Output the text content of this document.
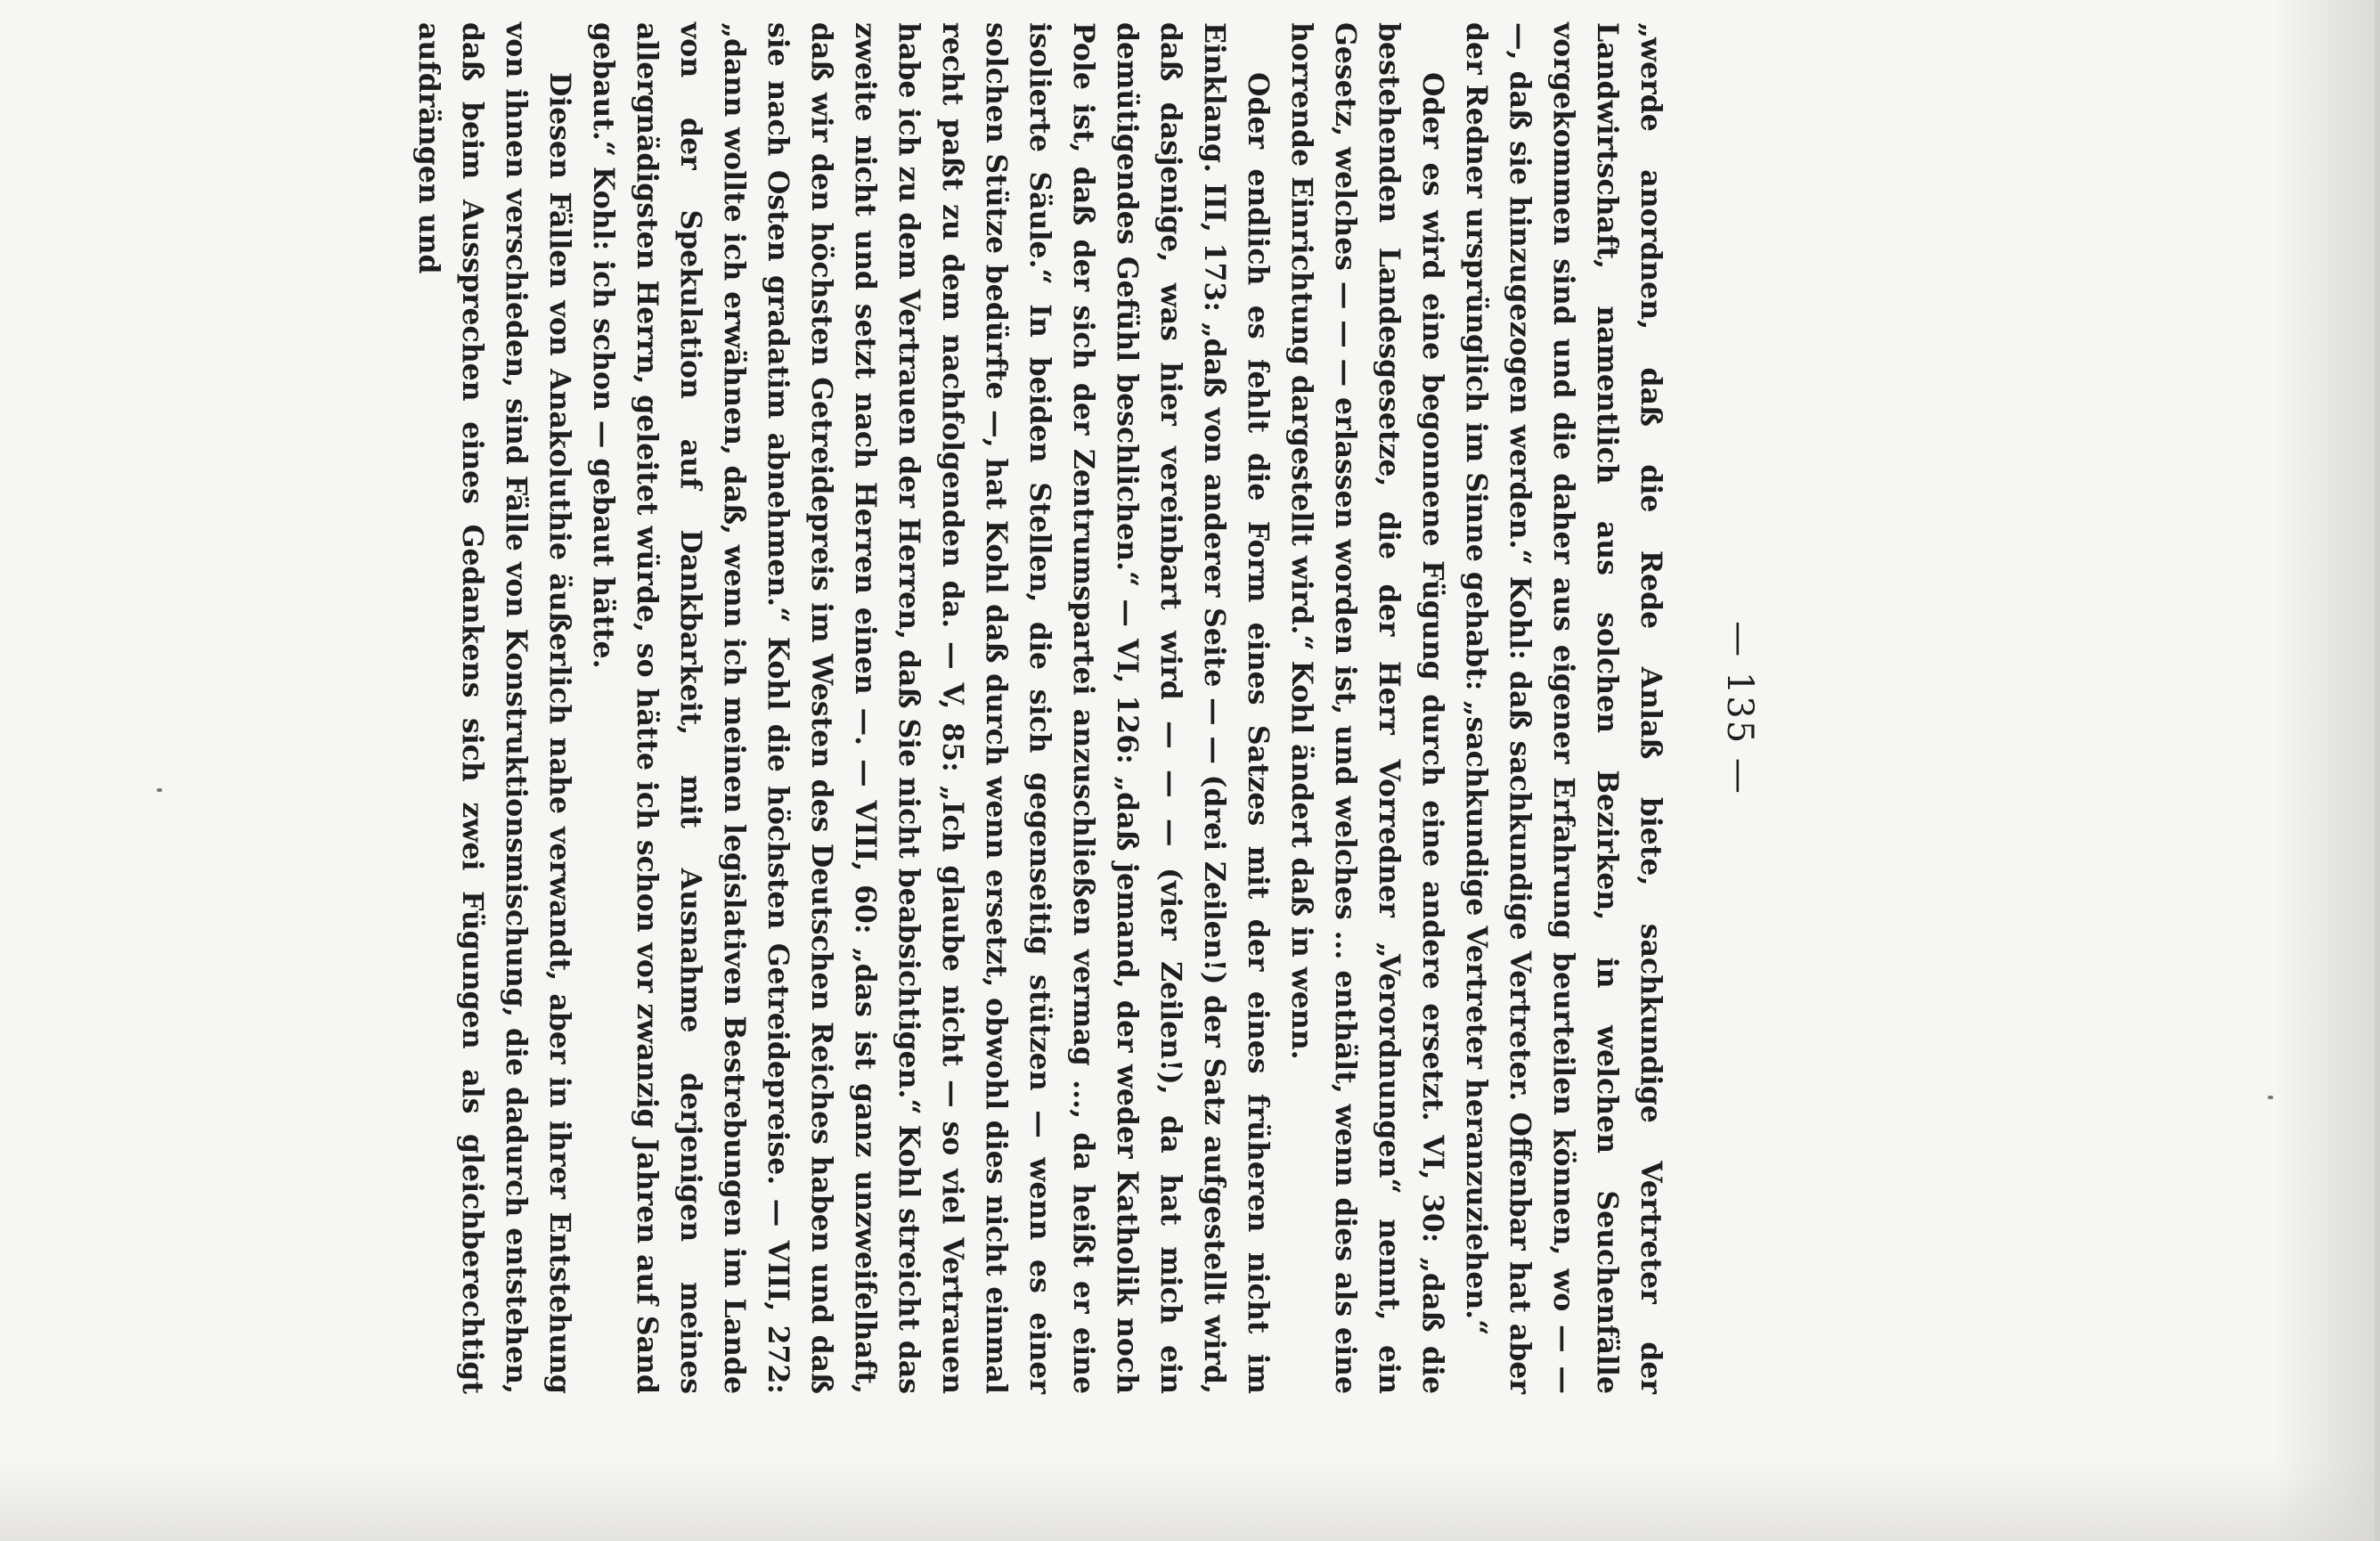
— 135 —

„werde anordnen, daß die Rede Anlaß biete, sachkundige Vertreter der Landwirtschaft, namentlich aus solchen Bezirken, in welchen Seuchenfälle vorgekommen sind und die daher aus eigener Erfahrung beurteilen können, wo — — —, daß sie hinzugezogen werden.“ Kohl: daß sachkundige Vertreter. Offenbar hat aber der Redner ursprünglich im Sinne gehabt: „sachkundige Vertreter heranzuziehen.“

Oder es wird eine begonnene Fügung durch eine andere ersetzt. VI, 30: „daß die bestehenden Landesgesetze, die der Herr Vorredner „Verordnungen“ nennt, ein Gesetz, welches — — — erlassen worden ist, und welches ... enthält, wenn dies als eine horrende Einrichtung dargestellt wird.“ Kohl ändert daß in wenn.

Oder endlich es fehlt die Form eines Satzes mit der eines früheren nicht im Einklang. III, 173: „daß von anderer Seite — — (drei Zeilen!) der Satz aufgestellt wird, daß dasjenige, was hier vereinbart wird — — — (vier Zeilen!), da hat mich ein demütigendes Gefühl beschlichen.“ — VI, 126: „daß jemand, der weder Katholik noch Pole ist, daß der sich der Zentrumspartei anzuschließen vermag ..., da heißt er eine isolierte Säule.“ In beiden Stellen, die sich gegenseitig stützen — wenn es einer solchen Stütze bedürfte —, hat Kohl daß durch wenn ersetzt, obwohl dies nicht einmal recht paßt zu dem nachfolgenden da. — V, 85: „Ich glaube nicht — so viel Vertrauen habe ich zu dem Vertrauen der Herren, daß Sie nicht beabsichtigen.“ Kohl streicht das zweite nicht und setzt nach Herren einen —. — VIII, 60: „das ist ganz unzweifelhaft, daß wir den höchsten Getreidepreis im Westen des Deutschen Reiches haben und daß sie nach Osten gradatim abnehmen.“ Kohl die höchsten Getreidepreise. — VIII, 272: „dann wollte ich erwähnen, daß, wenn ich meinen legislativen Bestrebungen im Lande von der Spekulation auf Dankbarkeit, mit Ausnahme derjenigen meines allergnädigsten Herrn, geleitet würde, so hätte ich schon vor zwanzig Jahren auf Sand gebaut.“ Kohl: ich schon — gebaut hätte.

Diesen Fällen von Anakoluthie äußerlich nahe verwandt, aber in ihrer Entstehung von ihnen verschieden, sind Fälle von Konstruktionsmischung, die dadurch entstehen, daß beim Aussprechen eines Gedankens sich zwei Fügungen als gleichberechtigt aufdrängen und
